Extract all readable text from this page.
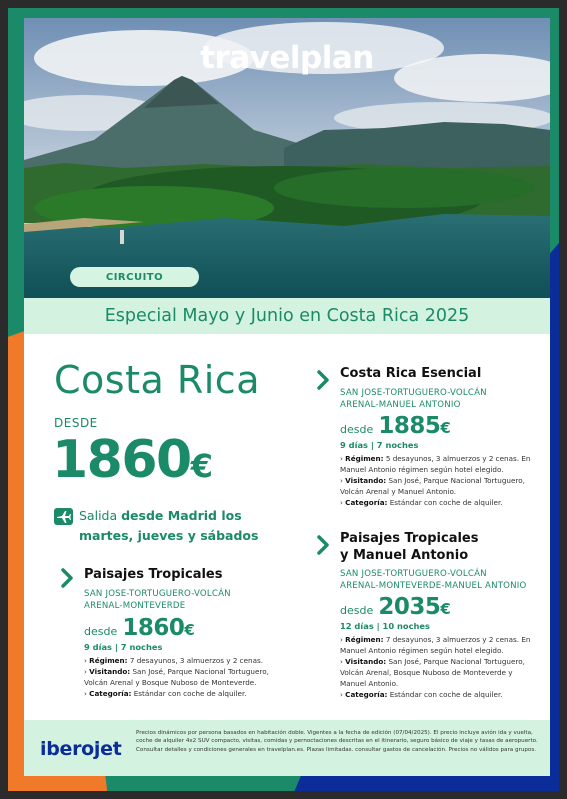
travelplan
CIRCUITO
Especial Mayo y Junio en Costa Rica 2025
Costa Rica
DESDE
1860€
Salida desde Madrid los
martes, jueves y sábados
Paisajes Tropicales
SAN JOSE-TORTUGUERO-VOLCÁN
ARENAL-MONTEVERDE
desde 1860€
9 días | 7 noches
› Régimen: 7 desayunos, 3 almuerzos y 2 cenas.
› Visitando: San José, Parque Nacional Tortuguero, Volcán Arenal y Bosque Nuboso de Monteverde.
› Categoría: Estándar con coche de alquiler.
Costa Rica Esencial
SAN JOSE-TORTUGUERO-VOLCÁN
ARENAL-MANUEL ANTONIO
desde 1885€
9 días | 7 noches
› Régimen: 5 desayunos, 3 almuerzos y 2 cenas. En Manuel Antonio régimen según hotel elegido.
› Visitando: San José, Parque Nacional Tortuguero, Volcán Arenal y Manuel Antonio.
› Categoría: Estándar con coche de alquiler.
Paisajes Tropicales
y Manuel Antonio
SAN JOSE-TORTUGUERO-VOLCÁN
ARENAL-MONTEVERDE-MANUEL ANTONIO
desde 2035€
12 días | 10 noches
› Régimen: 7 desayunos, 3 almuerzos y 2 cenas. En Manuel Antonio régimen según hotel elegido.
› Visitando: San José, Parque Nacional Tortuguero, Volcán Arenal, Bosque Nuboso de Monteverde y Manuel Antonio.
› Categoría: Estándar con coche de alquiler.
iberojet
Precios dinámicos por persona basados en habitación doble. Vigentes a la fecha de edición (07/04/2025). El precio incluye avión ida y vuelta, coche de alquiler 4x2 SUV compacto, visitas, comidas y pernoctaciones descritas en el itinerario, seguro básico de viaje y tasas de aeropuerto. Consultar detalles y condiciones generales en travelplan.es. Plazas limitadas. consultar gastos de cancelación. Precios no válidos para grupos.
